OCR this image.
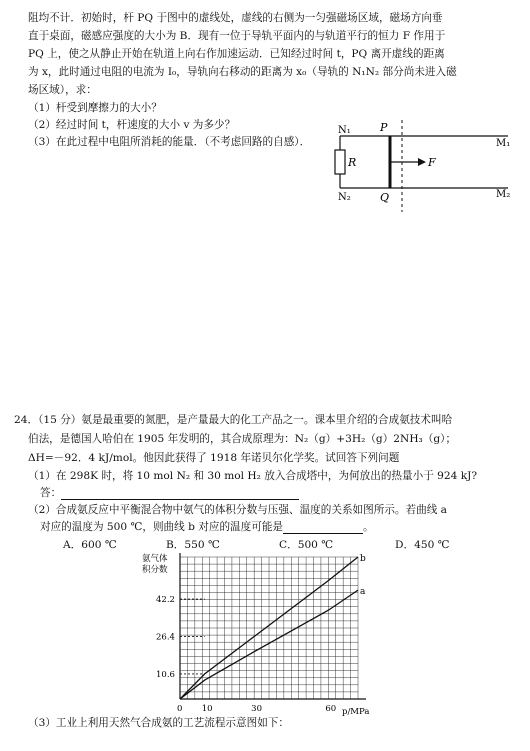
阻均不计．初始时，杆 PQ 于图中的虚线处，虚线的右侧为一匀强磁场区域，磁场方向垂
直于桌面，磁感应强度的大小为 B．现有一位于导轨平面内的与轨道平行的恒力 F 作用于
PQ 上，使之从静止开始在轨道上向右作加速运动．已知经过时间 t，PQ 离开虚线的距离
为 x，此时通过电阻的电流为 I₀，导轨向右移动的距离为 x₀（导轨的 N₁N₂ 部分尚未进入磁
场区域），求：
（1）杆受到摩擦力的大小？
（2）经过时间 t，杆速度的大小 v 为多少？
（3）在此过程中电阻所消耗的能量．（不考虑回路的自感）．
N₁
N₂
P
Q
R	F
M₁
M₂
24．（15 分）氨是最重要的氮肥，是产量最大的化工产品之一。课本里介绍的合成氨技术叫哈
伯法，是德国人哈伯在 1905 年发明的，其合成原理为：N₂（g）+3H₂（g）2NH₃（g）；
ΔH=－92．4 kJ/mol。他因此获得了 1918 年诺贝尔化学奖。试回答下列问题
（1）在 298K 时，将 10 mol N₂ 和 30 mol H₂ 放入合成塔中，为何放出的热量小于 924 kJ?
答：
（2）合成氨反应中平衡混合物中氨气的体积分数与压强、温度的关系如图所示。若曲线 a
对应的温度为 500 ℃，则曲线 b 对应的温度可能是	。
A．600 ℃	B．550 ℃	C．500 ℃	D．450 ℃
b
a
0 10	30	60
10.6
26.4
42.2
氨气体
积分数
p/MPa
（3）工业上利用天然气合成氨的工艺流程示意图如下：
